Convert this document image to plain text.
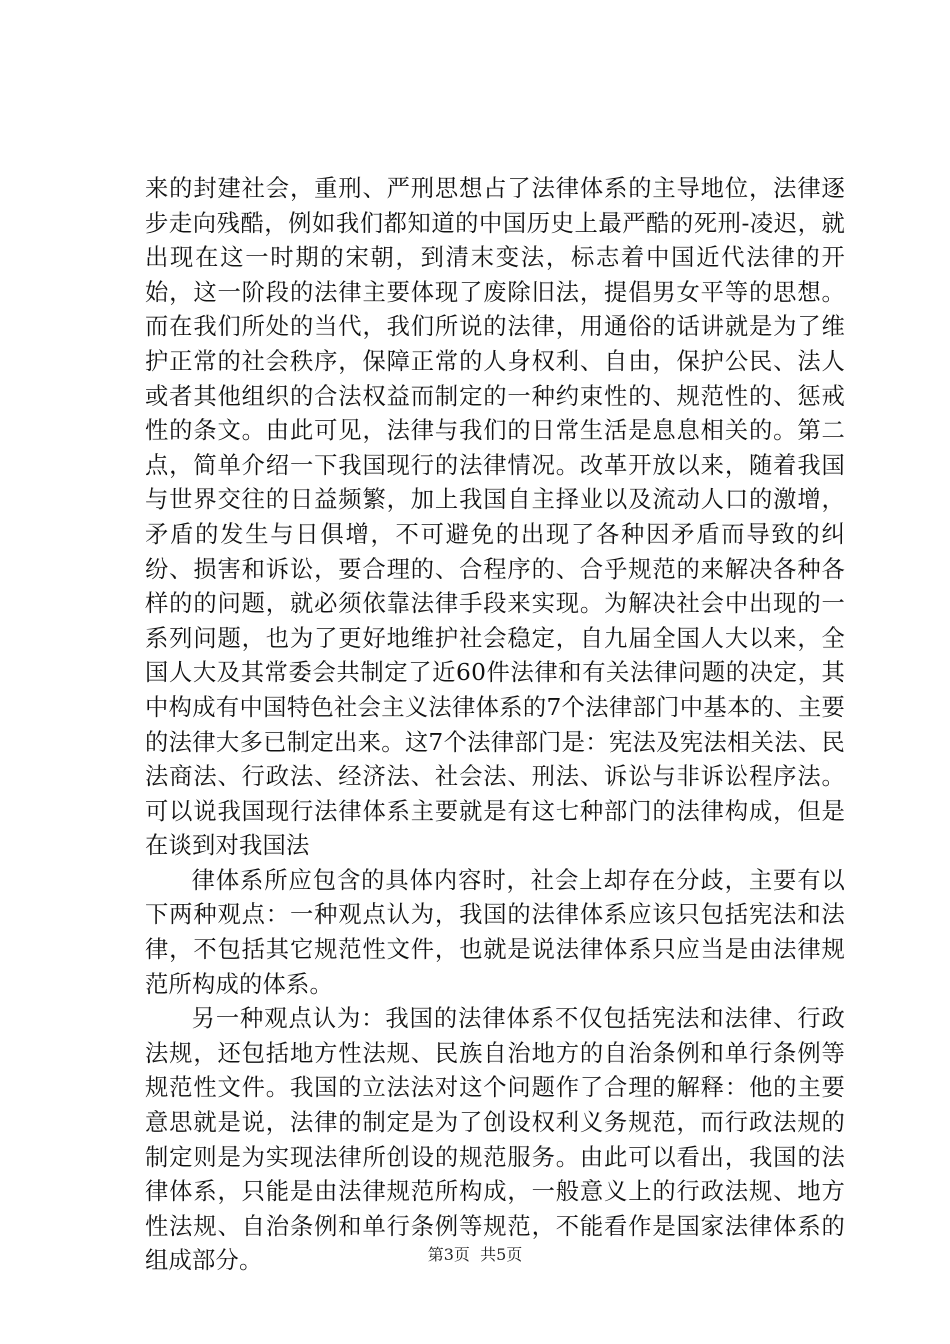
来的封建社会，重刑、严刑思想占了法律体系的主导地位，法律逐步走向残酷，例如我们都知道的中国历史上最严酷的死刑-凌迟，就出现在这一时期的宋朝，到清末变法，标志着中国近代法律的开始，这一阶段的法律主要体现了废除旧法，提倡男女平等的思想。而在我们所处的当代，我们所说的法律，用通俗的话讲就是为了维护正常的社会秩序，保障正常的人身权利、自由，保护公民、法人或者其他组织的合法权益而制定的一种约束性的、规范性的、惩戒性的条文。由此可见，法律与我们的日常生活是息息相关的。第二点，简单介绍一下我国现行的法律情况。改革开放以来，随着我国与世界交往的日益频繁，加上我国自主择业以及流动人口的激增，矛盾的发生与日俱增，不可避免的出现了各种因矛盾而导致的纠纷、损害和诉讼，要合理的、合程序的、合乎规范的来解决各种各样的的问题，就必须依靠法律手段来实现。为解决社会中出现的一系列问题，也为了更好地维护社会稳定，自九届全国人大以来，全国人大及其常委会共制定了近60件法律和有关法律问题的决定，其中构成有中国特色社会主义法律体系的7个法律部门中基本的、主要的法律大多已制定出来。这7个法律部门是：宪法及宪法相关法、民法商法、行政法、经济法、社会法、刑法、诉讼与非诉讼程序法。可以说我国现行法律体系主要就是有这七种部门的法律构成，但是在谈到对我国法

律体系所应包含的具体内容时，社会上却存在分歧，主要有以下两种观点：一种观点认为，我国的法律体系应该只包括宪法和法律，不包括其它规范性文件，也就是说法律体系只应当是由法律规范所构成的体系。

另一种观点认为：我国的法律体系不仅包括宪法和法律、行政法规，还包括地方性法规、民族自治地方的自治条例和单行条例等规范性文件。我国的立法法对这个问题作了合理的解释：他的主要意思就是说，法律的制定是为了创设权利义务规范，而行政法规的制定则是为实现法律所创设的规范服务。由此可以看出，我国的法律体系，只能是由法律规范所构成，一般意义上的行政法规、地方性法规、自治条例和单行条例等规范，不能看作是国家法律体系的组成部分。	第3页  共5页
